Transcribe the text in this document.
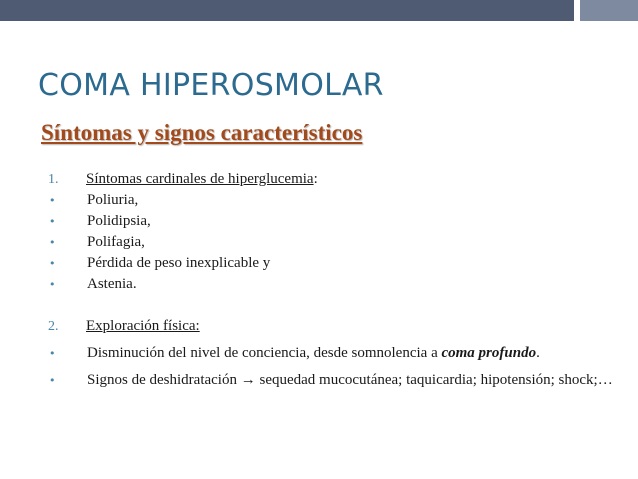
COMA HIPEROSMOLAR
Síntomas y signos característicos
1.	Síntomas cardinales de hiperglucemia:
•	Poliuria,
•	Polidipsia,
•	Polifagia,
•	Pérdida de peso inexplicable y
•	Astenia.
2.	Exploración física:
•	Disminución del nivel de conciencia, desde somnolencia a coma profundo.
•	Signos de deshidratación → sequedad mucocutánea; taquicardia; hipotensión; shock;…
